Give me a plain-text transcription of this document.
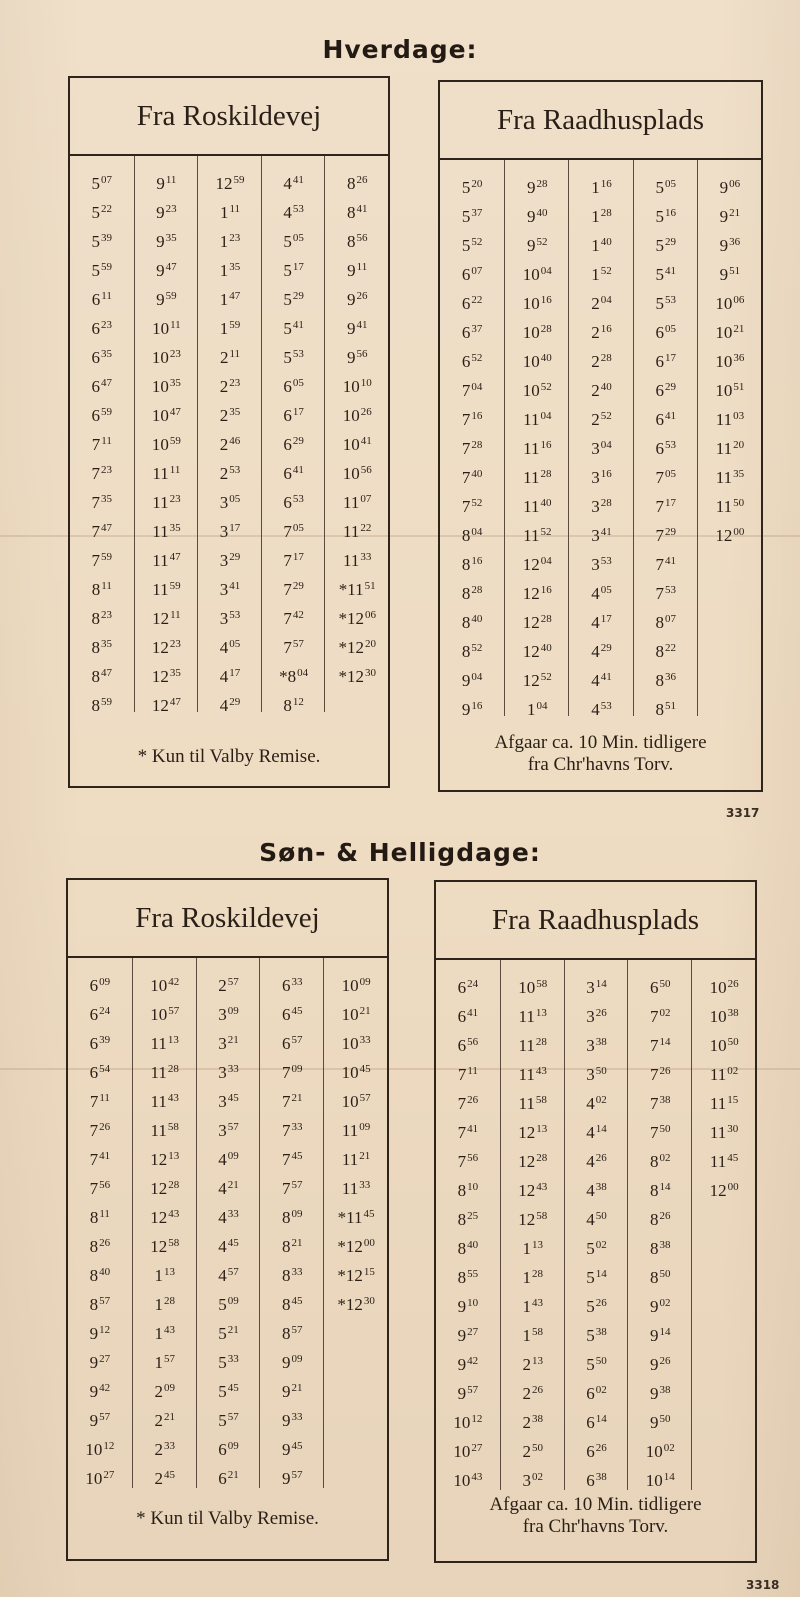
Hverdage:
Fra Roskildevej
$5^{07}$
$5^{22}$
$5^{39}$
$5^{59}$
$6^{11}$
$6^{23}$
$6^{35}$
$6^{47}$
$6^{59}$
$7^{11}$
$7^{23}$
$7^{35}$
$7^{47}$
$7^{59}$
$8^{11}$
$8^{23}$
$8^{35}$
$8^{47}$
$8^{59}$
$9^{11}$
$9^{23}$
$9^{35}$
$9^{47}$
$9^{59}$
$10^{11}$
$10^{23}$
$10^{35}$
$10^{47}$
$10^{59}$
$11^{11}$
$11^{23}$
$11^{35}$
$11^{47}$
$11^{59}$
$12^{11}$
$12^{23}$
$12^{35}$
$12^{47}$
$12^{59}$
$1^{11}$
$1^{23}$
$1^{35}$
$1^{47}$
$1^{59}$
$2^{11}$
$2^{23}$
$2^{35}$
$2^{46}$
$2^{53}$
$3^{05}$
$3^{17}$
$3^{29}$
$3^{41}$
$3^{53}$
$4^{05}$
$4^{17}$
$4^{29}$
$4^{41}$
$4^{53}$
$5^{05}$
$5^{17}$
$5^{29}$
$5^{41}$
$5^{53}$
$6^{05}$
$6^{17}$
$6^{29}$
$6^{41}$
$6^{53}$
$7^{05}$
$7^{17}$
$7^{29}$
$7^{42}$
$7^{57}$
$*8^{04}$
$8^{12}$
$8^{26}$
$8^{41}$
$8^{56}$
$9^{11}$
$9^{26}$
$9^{41}$
$9^{56}$
$10^{10}$
$10^{26}$
$10^{41}$
$10^{56}$
$11^{07}$
$11^{22}$
$11^{33}$
$*11^{51}$
$*12^{06}$
$*12^{20}$
$*12^{30}$
* Kun til Valby Remise.
Fra Raadhusplads
$5^{20}$
$5^{37}$
$5^{52}$
$6^{07}$
$6^{22}$
$6^{37}$
$6^{52}$
$7^{04}$
$7^{16}$
$7^{28}$
$7^{40}$
$7^{52}$
$8^{04}$
$8^{16}$
$8^{28}$
$8^{40}$
$8^{52}$
$9^{04}$
$9^{16}$
$9^{28}$
$9^{40}$
$9^{52}$
$10^{04}$
$10^{16}$
$10^{28}$
$10^{40}$
$10^{52}$
$11^{04}$
$11^{16}$
$11^{28}$
$11^{40}$
$11^{52}$
$12^{04}$
$12^{16}$
$12^{28}$
$12^{40}$
$12^{52}$
$1^{04}$
$1^{16}$
$1^{28}$
$1^{40}$
$1^{52}$
$2^{04}$
$2^{16}$
$2^{28}$
$2^{40}$
$2^{52}$
$3^{04}$
$3^{16}$
$3^{28}$
$3^{41}$
$3^{53}$
$4^{05}$
$4^{17}$
$4^{29}$
$4^{41}$
$4^{53}$
$5^{05}$
$5^{16}$
$5^{29}$
$5^{41}$
$5^{53}$
$6^{05}$
$6^{17}$
$6^{29}$
$6^{41}$
$6^{53}$
$7^{05}$
$7^{17}$
$7^{29}$
$7^{41}$
$7^{53}$
$8^{07}$
$8^{22}$
$8^{36}$
$8^{51}$
$9^{06}$
$9^{21}$
$9^{36}$
$9^{51}$
$10^{06}$
$10^{21}$
$10^{36}$
$10^{51}$
$11^{03}$
$11^{20}$
$11^{35}$
$11^{50}$
$12^{00}$
Afgaar ca. 10 Min. tidligere
fra Chr'havns Torv.
3317
Søn- & Helligdage:
Fra Roskildevej
$6^{09}$
$6^{24}$
$6^{39}$
$6^{54}$
$7^{11}$
$7^{26}$
$7^{41}$
$7^{56}$
$8^{11}$
$8^{26}$
$8^{40}$
$8^{57}$
$9^{12}$
$9^{27}$
$9^{42}$
$9^{57}$
$10^{12}$
$10^{27}$
$10^{42}$
$10^{57}$
$11^{13}$
$11^{28}$
$11^{43}$
$11^{58}$
$12^{13}$
$12^{28}$
$12^{43}$
$12^{58}$
$1^{13}$
$1^{28}$
$1^{43}$
$1^{57}$
$2^{09}$
$2^{21}$
$2^{33}$
$2^{45}$
$2^{57}$
$3^{09}$
$3^{21}$
$3^{33}$
$3^{45}$
$3^{57}$
$4^{09}$
$4^{21}$
$4^{33}$
$4^{45}$
$4^{57}$
$5^{09}$
$5^{21}$
$5^{33}$
$5^{45}$
$5^{57}$
$6^{09}$
$6^{21}$
$6^{33}$
$6^{45}$
$6^{57}$
$7^{09}$
$7^{21}$
$7^{33}$
$7^{45}$
$7^{57}$
$8^{09}$
$8^{21}$
$8^{33}$
$8^{45}$
$8^{57}$
$9^{09}$
$9^{21}$
$9^{33}$
$9^{45}$
$9^{57}$
$10^{09}$
$10^{21}$
$10^{33}$
$10^{45}$
$10^{57}$
$11^{09}$
$11^{21}$
$11^{33}$
$*11^{45}$
$*12^{00}$
$*12^{15}$
$*12^{30}$
* Kun til Valby Remise.
Fra Raadhusplads
$6^{24}$
$6^{41}$
$6^{56}$
$7^{11}$
$7^{26}$
$7^{41}$
$7^{56}$
$8^{10}$
$8^{25}$
$8^{40}$
$8^{55}$
$9^{10}$
$9^{27}$
$9^{42}$
$9^{57}$
$10^{12}$
$10^{27}$
$10^{43}$
$10^{58}$
$11^{13}$
$11^{28}$
$11^{43}$
$11^{58}$
$12^{13}$
$12^{28}$
$12^{43}$
$12^{58}$
$1^{13}$
$1^{28}$
$1^{43}$
$1^{58}$
$2^{13}$
$2^{26}$
$2^{38}$
$2^{50}$
$3^{02}$
$3^{14}$
$3^{26}$
$3^{38}$
$3^{50}$
$4^{02}$
$4^{14}$
$4^{26}$
$4^{38}$
$4^{50}$
$5^{02}$
$5^{14}$
$5^{26}$
$5^{38}$
$5^{50}$
$6^{02}$
$6^{14}$
$6^{26}$
$6^{38}$
$6^{50}$
$7^{02}$
$7^{14}$
$7^{26}$
$7^{38}$
$7^{50}$
$8^{02}$
$8^{14}$
$8^{26}$
$8^{38}$
$8^{50}$
$9^{02}$
$9^{14}$
$9^{26}$
$9^{38}$
$9^{50}$
$10^{02}$
$10^{14}$
$10^{26}$
$10^{38}$
$10^{50}$
$11^{02}$
$11^{15}$
$11^{30}$
$11^{45}$
$12^{00}$
Afgaar ca. 10 Min. tidligere
fra Chr'havns Torv.
3318
